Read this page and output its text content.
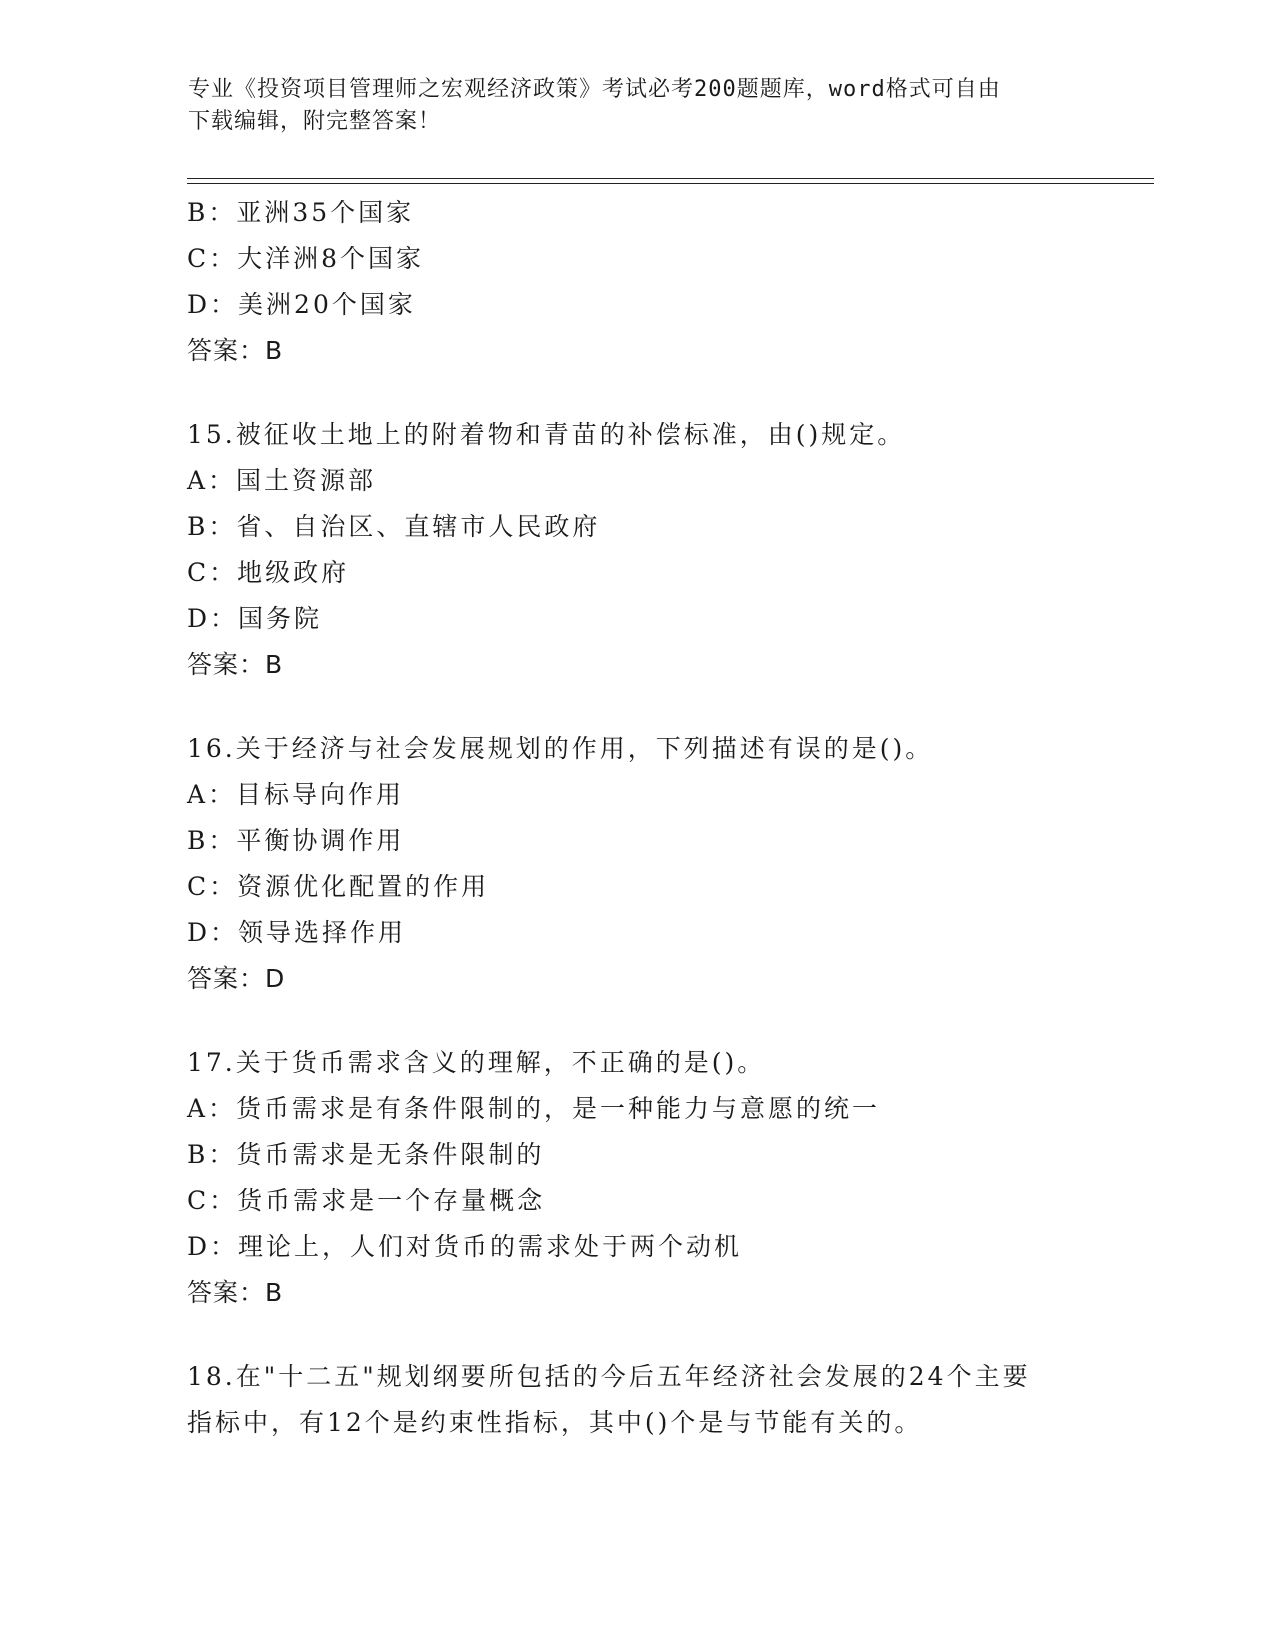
专业《投资项目管理师之宏观经济政策》考试必考200题题库，word格式可自由
下载编辑，附完整答案！
B：亚洲35个国家
C：大洋洲8个国家
D：美洲20个国家
答案：B
15.被征收土地上的附着物和青苗的补偿标准，由()规定。
A：国土资源部
B：省、自治区、直辖市人民政府
C：地级政府
D：国务院
答案：B
16.关于经济与社会发展规划的作用，下列描述有误的是()。
A：目标导向作用
B：平衡协调作用
C：资源优化配置的作用
D：领导选择作用
答案：D
17.关于货币需求含义的理解，不正确的是()。
A：货币需求是有条件限制的，是一种能力与意愿的统一
B：货币需求是无条件限制的
C：货币需求是一个存量概念
D：理论上，人们对货币的需求处于两个动机
答案：B
18.在"十二五"规划纲要所包括的今后五年经济社会发展的24个主要
指标中，有12个是约束性指标，其中()个是与节能有关的。
